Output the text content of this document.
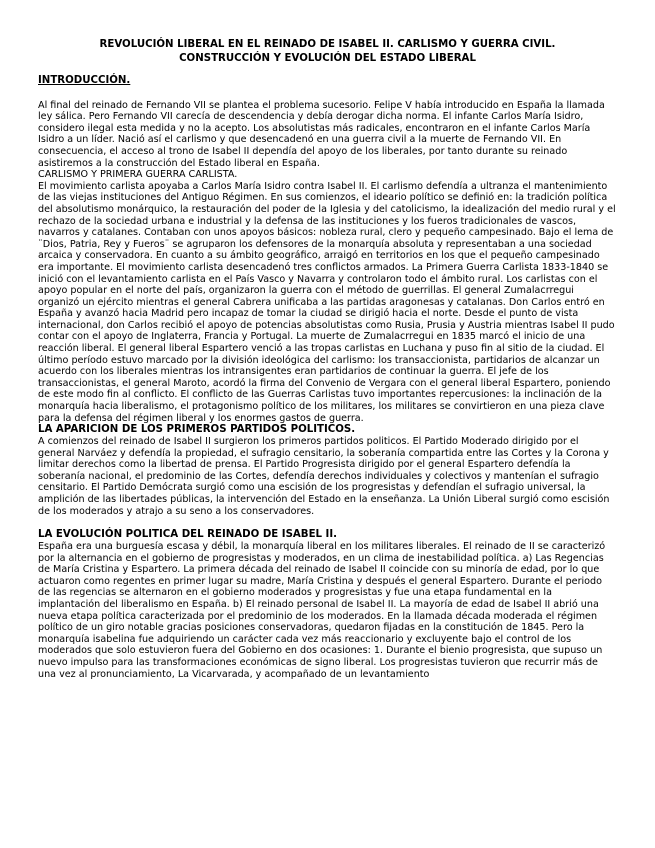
REVOLUCIÓN LIBERAL EN EL REINADO DE ISABEL II. CARLISMO Y GUERRA CIVIL.
CONSTRUCCIÓN Y EVOLUCIÓN DEL ESTADO LIBERAL
INTRODUCCIÓN.

Al final del reinado de Fernando VII se plantea el problema sucesorio. Felipe V había introducido en España la llamada ley sálica. Pero Fernando VII carecía de descendencia y debía derogar dicha norma. El infante Carlos María Isidro, considero ilegal esta medida y no la acepto. Los absolutistas más radicales, encontraron en el infante Carlos María Isidro a un líder. Nació así el carlismo y que desencadenó en una guerra civil a la muerte de Fernando VII. En consecuencia, el acceso al trono de Isabel II dependía del apoyo de los liberales, por tanto durante su reinado asistiremos a la construcción del Estado liberal en España.

CARLISMO Y PRIMERA GUERRA CARLISTA.

El movimiento carlista apoyaba a Carlos María Isidro contra Isabel II. El carlismo defendía a ultranza el mantenimiento de las viejas instituciones del Antiguo Régimen. En sus comienzos, el ideario político se definió en: la tradición política del absolutismo monárquico, la restauración del poder de la Iglesia y del catolicismo, la idealización del medio rural y el rechazo de la sociedad urbana e industrial y la defensa de las instituciones y los fueros tradicionales de vascos, navarros y catalanes. Contaban con unos apoyos básicos: nobleza rural, clero y pequeño campesinado. Bajo el lema de ¨Dios, Patria, Rey y Fueros¨ se agruparon los defensores de la monarquía absoluta y representaban a una sociedad arcaica y conservadora. En cuanto a su ámbito geográfico, arraigó en territorios en los que el pequeño campesinado era importante. El movimiento carlista desencadenó tres conflictos armados. La Primera Guerra Carlista 1833-1840 se inició con el levantamiento carlista en el País Vasco y Navarra y controlaron todo el ámbito rural. Los carlistas con el apoyo popular en el norte del país, organizaron la guerra con el método de guerrillas. El general Zumalacrregui organizó un ejército mientras el general Cabrera unificaba a las partidas aragonesas y catalanas. Don Carlos entró en España y avanzó hacia Madrid pero incapaz de tomar la ciudad se dirigió hacia el norte. Desde el punto de vista internacional, don Carlos recibió el apoyo de potencias absolutistas como Rusia, Prusia y Austria mientras Isabel II pudo contar con el apoyo de Inglaterra, Francia y Portugal. La muerte de Zumalacrregui en 1835 marcó el inicio de una reacción liberal. El general liberal Espartero venció a las tropas carlistas en Luchana y puso fin al sitio de la ciudad. El último período estuvo marcado por la división ideológica del carlismo: los transaccionista, partidarios de alcanzar un acuerdo con los liberales mientras los intransigentes eran partidarios de continuar la guerra. El jefe de los transaccionistas, el general Maroto, acordó la firma del Convenio de Vergara con el general liberal Espartero, poniendo de este modo fin al conflicto. El conflicto de las Guerras Carlistas tuvo importantes repercusiones: la inclinación de la monarquía hacia liberalismo, el protagonismo político de los militares, los militares se convirtieron en una pieza clave para la defensa del régimen liberal y los enormes gastos de guerra.

LA APARICION DE LOS PRIMEROS PARTIDOS POLITICOS.

A comienzos del reinado de Isabel II surgieron los primeros partidos politicos. El Partido Moderado dirigido por el general Narváez y defendía la propiedad, el sufragio censitario, la soberanía compartida entre las Cortes y la Corona y limitar derechos como la libertad de prensa. El Partido Progresista dirigido por el general Espartero defendía la soberanía nacional, el predominio de las Cortes, defendía derechos individuales y colectivos y mantenían el sufragio censitario. El Partido Demócrata surgió como una escisión de los progresistas y defendían el sufragio universal, la amplición de las libertades públicas, la intervención del Estado en la enseñanza. La Unión Liberal surgió como escisión de los moderados y atrajo a su seno a los conservadores.

LA EVOLUCIÓN POLITICA DEL REINADO DE ISABEL II.

España era una burguesía escasa y débil, la monarquía liberal en los militares liberales. El reinado de II se caracterizó por la alternancia en el gobierno de progresistas y moderados, en un clima de inestabilidad política. a) Las Regencias de María Cristina y Espartero. La primera década del reinado de Isabel II coincide con su minoría de edad, por lo que actuaron como regentes en primer lugar su madre, María Cristina y después el general Espartero. Durante el periodo de las regencias se alternaron en el gobierno moderados y progresistas y fue una etapa fundamental en la implantación del liberalismo en España. b) El reinado personal de Isabel II. La mayoría de edad de Isabel II abrió una nueva etapa política caracterizada por el predominio de los moderados. En la llamada década moderada el régimen político de un giro notable gracias posiciones conservadoras, quedaron fijadas en la constitución de 1845. Pero la monarquía isabelina fue adquiriendo un carácter cada vez más reaccionario y excluyente bajo el control de los moderados que solo estuvieron fuera del Gobierno en dos ocasiones: 1. Durante el bienio progresista, que supuso un nuevo impulso para las transformaciones económicas de signo liberal. Los progresistas tuvieron que recurrir más de una vez al pronunciamiento, La Vicarvarada, y acompañado de un levantamiento
